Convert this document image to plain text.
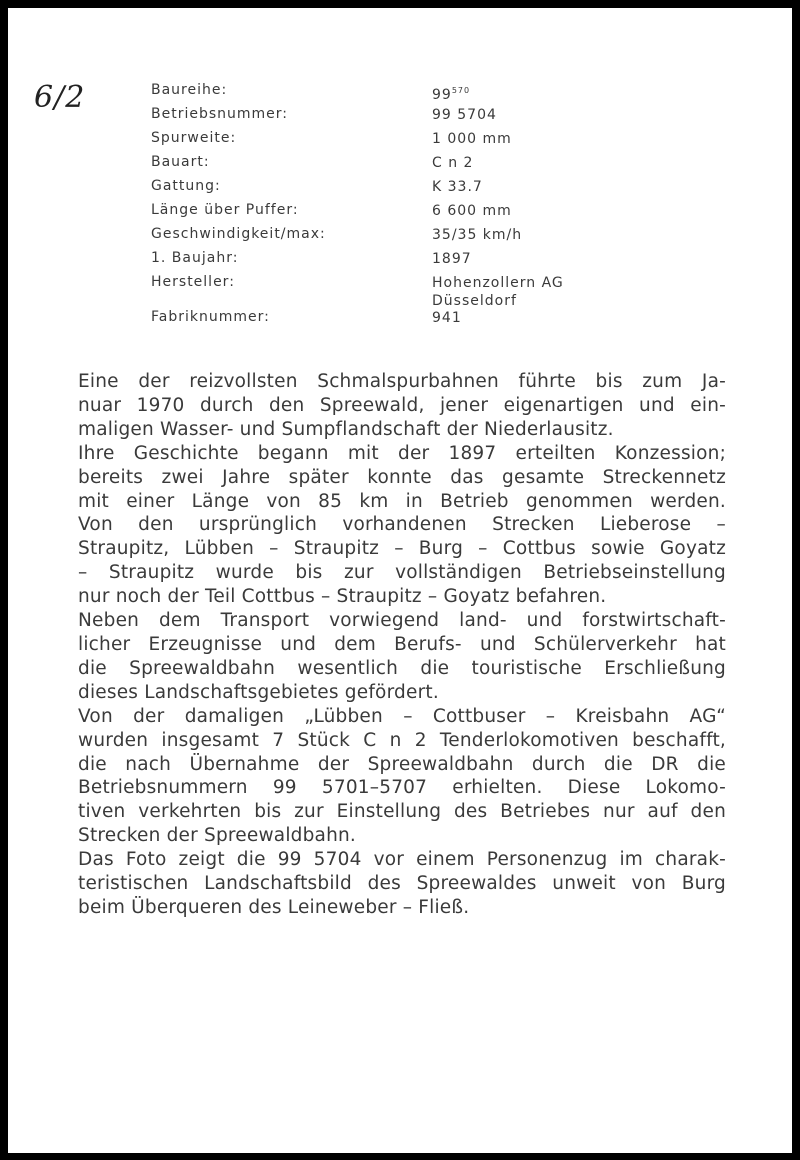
6/2	Baureihe:	$99^{570}$
Betriebsnummer:	99 5704
Spurweite:	1 000 mm
Bauart:	C n 2
Gattung:	K 33.7
Länge über Puffer:	6 600 mm
Geschwindigkeit/max:	35/35 km/h
1. Baujahr:	1897
Hersteller:	Hohenzollern AG
Düsseldorf
Fabriknummer:	941
Eine der reizvollsten Schmalspurbahnen führte bis zum Ja-
nuar 1970 durch den Spreewald, jener eigenartigen und ein-
maligen Wasser- und Sumpflandschaft der Niederlausitz.
Ihre Geschichte begann mit der 1897 erteilten Konzession;
bereits zwei Jahre später konnte das gesamte Streckennetz
mit einer Länge von 85 km in Betrieb genommen werden.
Von den ursprünglich vorhandenen Strecken Lieberose –
Straupitz, Lübben – Straupitz – Burg – Cottbus sowie Goyatz
– Straupitz wurde bis zur vollständigen Betriebseinstellung
nur noch der Teil Cottbus – Straupitz – Goyatz befahren.
Neben dem Transport vorwiegend land- und forstwirtschaft-
licher Erzeugnisse und dem Berufs- und Schülerverkehr hat
die Spreewaldbahn wesentlich die touristische Erschließung
dieses Landschaftsgebietes gefördert.
Von der damaligen „Lübben – Cottbuser – Kreisbahn AG“
wurden insgesamt 7 Stück C n 2 Tenderlokomotiven beschafft,
die nach Übernahme der Spreewaldbahn durch die DR die
Betriebsnummern 99 5701–5707 erhielten. Diese Lokomo-
tiven verkehrten bis zur Einstellung des Betriebes nur auf den
Strecken der Spreewaldbahn.
Das Foto zeigt die 99 5704 vor einem Personenzug im charak-
teristischen Landschaftsbild des Spreewaldes unweit von Burg
beim Überqueren des Leineweber – Fließ.
